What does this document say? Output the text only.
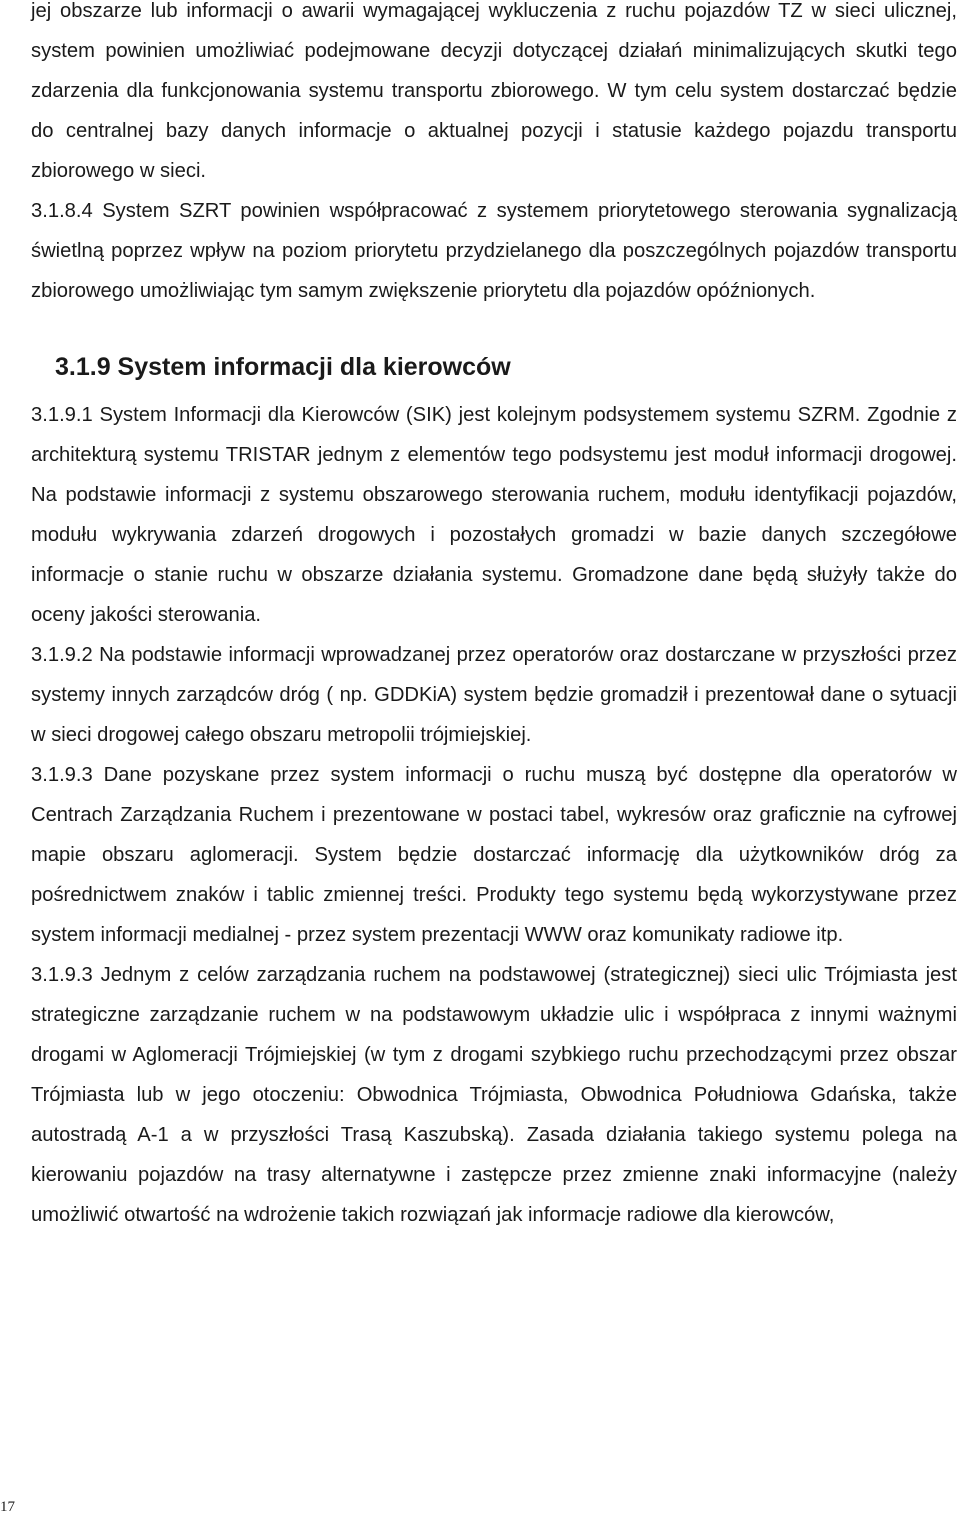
jej obszarze lub informacji o awarii wymagającej wykluczenia z ruchu pojazdów TZ w sieci ulicznej, system powinien umożliwiać podejmowane decyzji dotyczącej działań minimalizujących skutki tego zdarzenia dla funkcjonowania systemu transportu zbiorowego. W tym celu system dostarczać będzie do centralnej bazy danych informacje o aktualnej pozycji i statusie każdego pojazdu transportu zbiorowego w sieci.

3.1.8.4 System SZRT powinien współpracować z systemem priorytetowego sterowania sygnalizacją świetlną poprzez wpływ na poziom priorytetu przydzielanego dla poszczególnych pojazdów transportu zbiorowego umożliwiając tym samym zwiększenie priorytetu dla pojazdów opóźnionych.

3.1.9 System informacji dla kierowców

3.1.9.1 System Informacji dla Kierowców (SIK) jest kolejnym podsystemem systemu SZRM. Zgodnie z architekturą systemu TRISTAR jednym z elementów tego podsystemu jest moduł informacji drogowej. Na podstawie informacji z systemu obszarowego sterowania ruchem, modułu identyfikacji pojazdów, modułu wykrywania zdarzeń drogowych i pozostałych gromadzi w bazie danych szczegółowe informacje o stanie ruchu w obszarze działania systemu. Gromadzone dane będą służyły także do oceny jakości sterowania.

3.1.9.2 Na podstawie informacji wprowadzanej przez operatorów oraz dostarczane w przyszłości przez systemy innych zarządców dróg ( np. GDDKiA) system będzie gromadził i prezentował dane o sytuacji w sieci drogowej całego obszaru metropolii trójmiejskiej.

3.1.9.3 Dane pozyskane przez system informacji o ruchu muszą być dostępne dla operatorów w Centrach Zarządzania Ruchem i prezentowane w postaci tabel, wykresów oraz graficznie na cyfrowej mapie obszaru aglomeracji. System będzie dostarczać informację dla użytkowników dróg za pośrednictwem znaków i tablic zmiennej treści. Produkty tego systemu będą wykorzystywane przez system informacji medialnej - przez system prezentacji WWW oraz komunikaty radiowe itp.

3.1.9.3 Jednym z celów zarządzania ruchem na podstawowej (strategicznej) sieci ulic Trójmiasta jest strategiczne zarządzanie ruchem w na podstawowym układzie ulic i współpraca z innymi ważnymi drogami w Aglomeracji Trójmiejskiej (w tym z drogami szybkiego ruchu przechodzącymi przez obszar Trójmiasta lub w jego otoczeniu: Obwodnica Trójmiasta, Obwodnica Południowa Gdańska, także autostradą A-1 a w przyszłości Trasą Kaszubską). Zasada działania takiego systemu polega na kierowaniu pojazdów na trasy alternatywne i zastępcze przez zmienne znaki informacyjne (należy umożliwić otwartość na wdrożenie takich rozwiązań jak informacje radiowe dla kierowców,

17
